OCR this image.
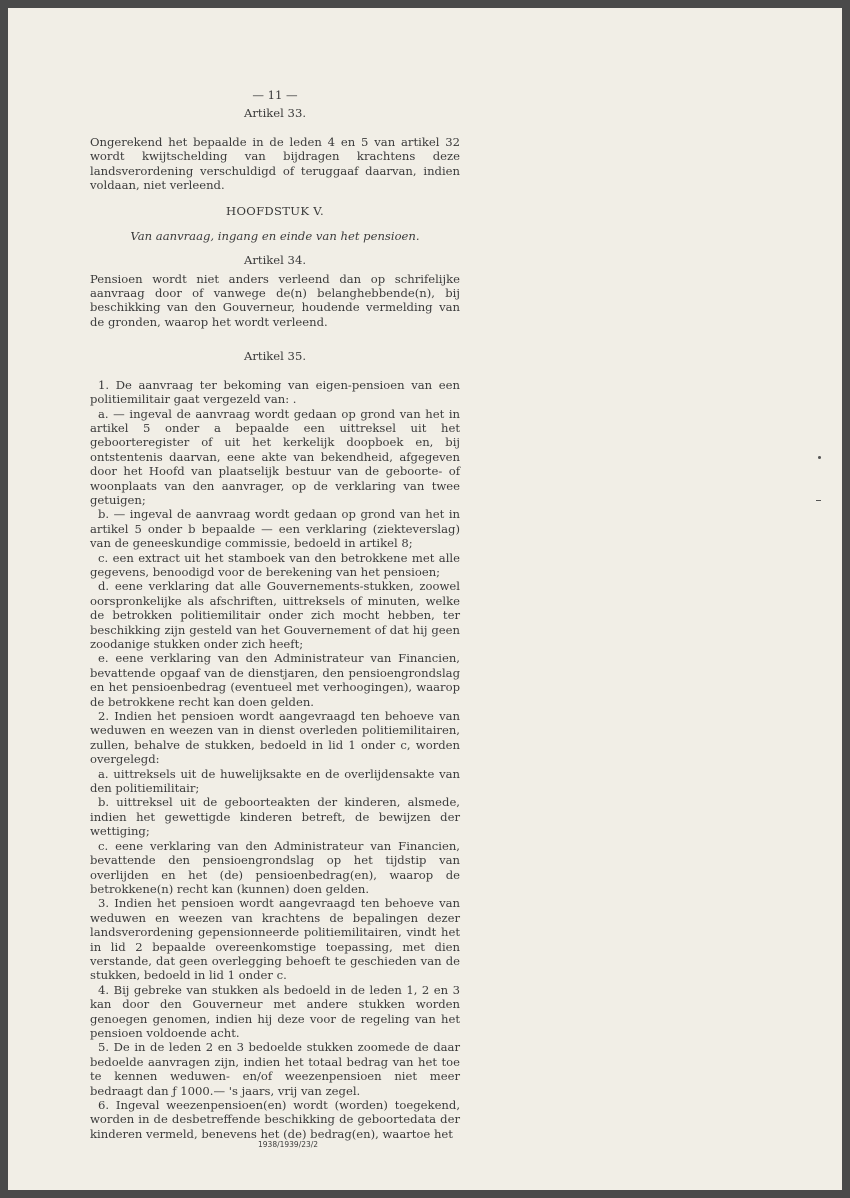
— 11 —
Artikel 33.

Ongerekend het bepaalde in de leden 4 en 5 van artikel 32 wordt kwijtschelding van bijdragen krachtens deze landsverordening verschuldigd of teruggaaf daarvan, indien voldaan, niet verleend.

HOOFDSTUK V.
Van aanvraag, ingang en einde van het pensioen.
Artikel 34.

Pensioen wordt niet anders verleend dan op schrifelijke aanvraag door of vanwege de(n) belanghebbende(n), bij beschikking van den Gouverneur, houdende vermelding van de gronden, waarop het wordt verleend.

Artikel 35.

1. De aanvraag ter bekoming van eigen-pensioen van een politiemilitair gaat vergezeld van: .

a. — ingeval de aanvraag wordt gedaan op grond van het in artikel 5 onder a bepaalde een uittreksel uit het geboorteregister of uit het kerkelijk doopboek en, bij ontstentenis daarvan, eene akte van bekendheid, afgegeven door het Hoofd van plaatselijk bestuur van de geboorte- of woonplaats van den aanvrager, op de verklaring van twee getuigen;

b. — ingeval de aanvraag wordt gedaan op grond van het in artikel 5 onder b bepaalde — een verklaring (ziekteverslag) van de geneeskundige commissie, bedoeld in artikel 8;

c. een extract uit het stamboek van den betrokkene met alle gegevens, benoodigd voor de berekening van het pensioen;

d. eene verklaring dat alle Gouvernements-stukken, zoowel oorspronkelijke als afschriften, uittreksels of minuten, welke de betrokken politiemilitair onder zich mocht hebben, ter beschikking zijn gesteld van het Gouvernement of dat hij geen zoodanige stukken onder zich heeft;

e. eene verklaring van den Administrateur van Financien, bevattende opgaaf van de dienstjaren, den pensioengrondslag en het pensioenbedrag (eventueel met verhoogingen), waarop de betrokkene recht kan doen gelden.

2. Indien het pensioen wordt aangevraagd ten behoeve van weduwen en weezen van in dienst overleden politiemilitairen, zullen, behalve de stukken, bedoeld in lid 1 onder c, worden overgelegd:

a. uittreksels uit de huwelijksakte en de overlijdensakte van den politiemilitair;

b. uittreksel uit de geboorteakten der kinderen, alsmede, indien het gewettigde kinderen betreft, de bewijzen der wettiging;

c. eene verklaring van den Administrateur van Financien, bevattende den pensioengrondslag op het tijdstip van overlijden en het (de) pensioenbedrag(en), waarop de betrokkene(n) recht kan (kunnen) doen gelden.

3. Indien het pensioen wordt aangevraagd ten behoeve van weduwen en weezen van krachtens de bepalingen dezer landsverordening gepensionneerde politiemilitairen, vindt het in lid 2 bepaalde overeenkomstige toepassing, met dien verstande, dat geen overlegging behoeft te geschieden van de stukken, bedoeld in lid 1 onder c.

4. Bij gebreke van stukken als bedoeld in de leden 1, 2 en 3 kan door den Gouverneur met andere stukken worden genoegen genomen, indien hij deze voor de regeling van het pensioen voldoende acht.

5. De in de leden 2 en 3 bedoelde stukken zoomede de daar bedoelde aanvragen zijn, indien het totaal bedrag van het toe te kennen weduwen- en/of weezenpensioen niet meer bedraagt dan ƒ 1000.— 's jaars, vrij van zegel.

6. Ingeval weezenpensioen(en) wordt (worden) toegekend, worden in de desbetreffende beschikking de geboortedata der kinderen vermeld, benevens het (de) bedrag(en), waartoe het

1938/1939/23/2
